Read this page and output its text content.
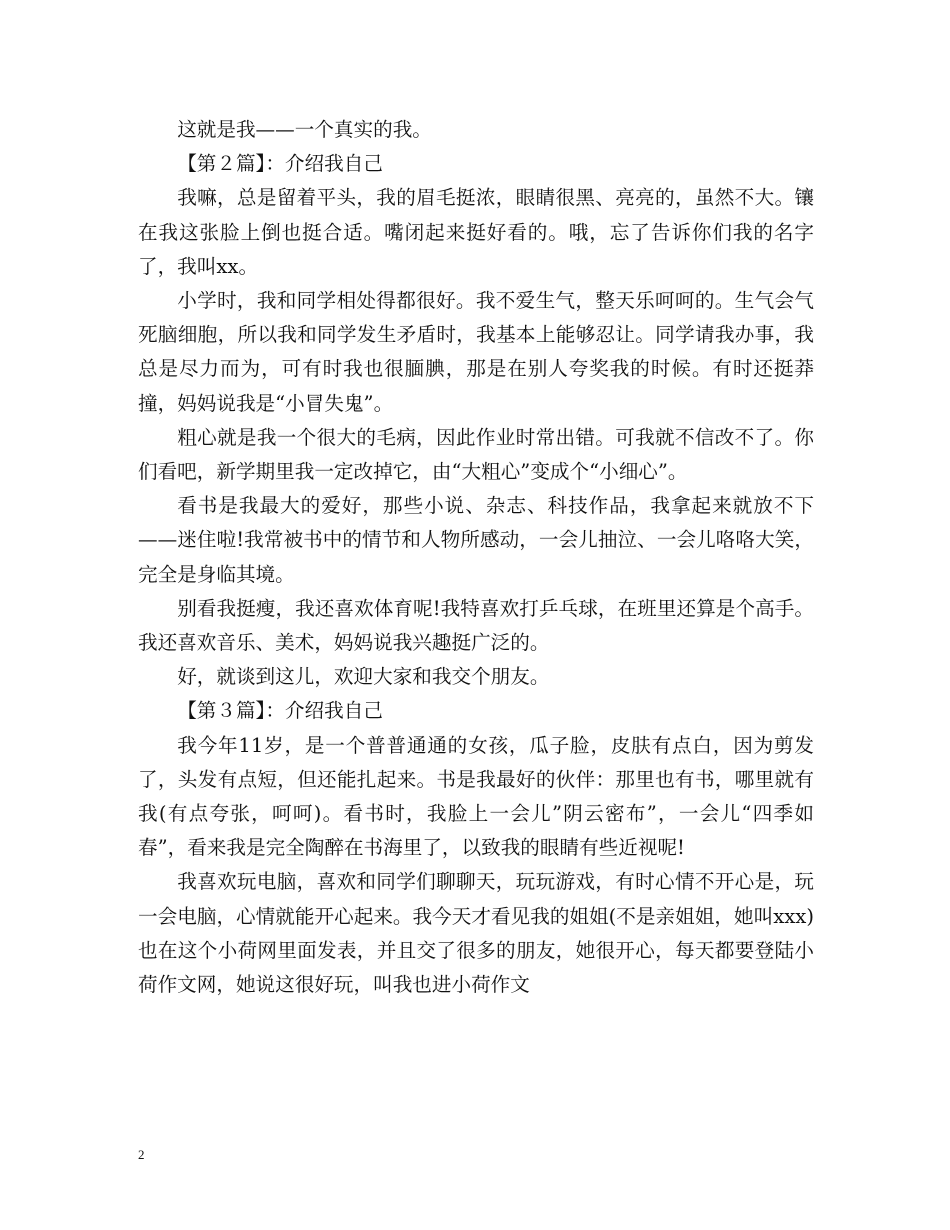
这就是我——一个真实的我。

【第２篇】：介绍我自己

我嘛，总是留着平头，我的眉毛挺浓，眼睛很黑、亮亮的，虽然不大。镶在我这张脸上倒也挺合适。嘴闭起来挺好看的。哦，忘了告诉你们我的名字了，我叫xx。

小学时，我和同学相处得都很好。我不爱生气，整天乐呵呵的。生气会气死脑细胞，所以我和同学发生矛盾时，我基本上能够忍让。同学请我办事，我总是尽力而为，可有时我也很腼腆，那是在别人夸奖我的时候。有时还挺莽撞，妈妈说我是“小冒失鬼”。

粗心就是我一个很大的毛病，因此作业时常出错。可我就不信改不了。你们看吧，新学期里我一定改掉它，由“大粗心”变成个“小细心”。

看书是我最大的爱好，那些小说、杂志、科技作品，我拿起来就放不下——迷住啦!我常被书中的情节和人物所感动，一会儿抽泣、一会儿咯咯大笑，完全是身临其境。

别看我挺瘦，我还喜欢体育呢!我特喜欢打乒乓球，在班里还算是个高手。我还喜欢音乐、美术，妈妈说我兴趣挺广泛的。

好，就谈到这儿，欢迎大家和我交个朋友。

【第３篇】：介绍我自己

我今年11岁，是一个普普通通的女孩，瓜子脸，皮肤有点白，因为剪发了，头发有点短，但还能扎起来。书是我最好的伙伴：那里也有书，哪里就有我(有点夸张，呵呵)。看书时，我脸上一会儿”阴云密布”，一会儿“四季如春”，看来我是完全陶醉在书海里了，以致我的眼睛有些近视呢!

我喜欢玩电脑，喜欢和同学们聊聊天，玩玩游戏，有时心情不开心是，玩一会电脑，心情就能开心起来。我今天才看见我的姐姐(不是亲姐姐，她叫xxx)也在这个小荷网里面发表，并且交了很多的朋友，她很开心，每天都要登陆小荷作文网，她说这很好玩，叫我也进小荷作文

2
